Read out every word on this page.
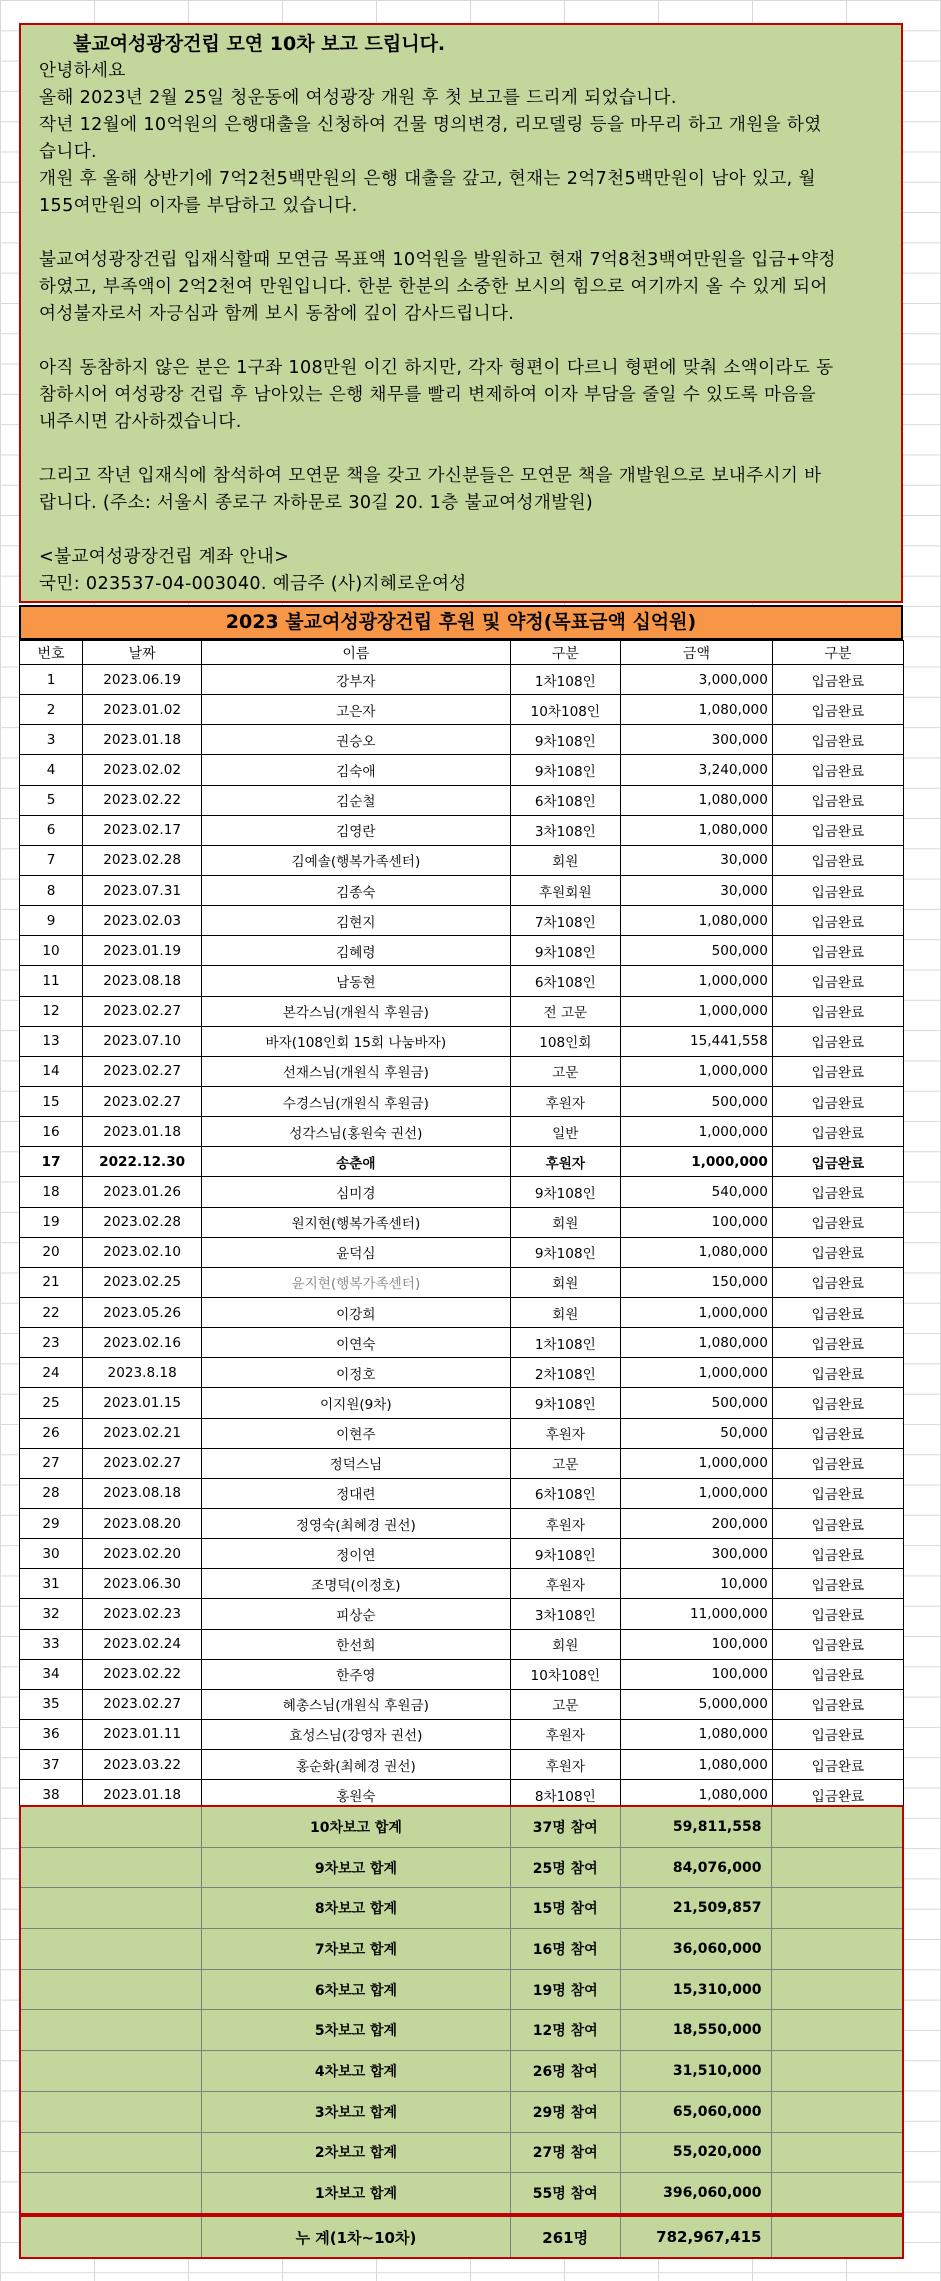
불교여성광장건립 모연 10차 보고 드립니다.
안녕하세요
올해 2023년 2월 25일 청운동에 여성광장 개원 후 첫 보고를 드리게 되었습니다.
작년 12월에 10억원의 은행대출을 신청하여 건물 명의변경, 리모델링 등을 마무리 하고 개원을 하였
습니다.
개원 후 올해 상반기에 7억2천5백만원의 은행 대출을 갚고, 현재는 2억7천5백만원이 남아 있고, 월
155여만원의 이자를 부담하고 있습니다.
불교여성광장건립 입재식할때 모연금 목표액 10억원을 발원하고 현재 7억8천3백여만원을 입금+약정
하였고, 부족액이 2억2천여 만원입니다. 한분 한분의 소중한 보시의 힘으로 여기까지 올 수 있게 되어
여성불자로서 자긍심과 함께 보시 동참에 깊이 감사드립니다.
아직 동참하지 않은 분은 1구좌 108만원 이긴 하지만, 각자 형편이 다르니 형편에 맞춰 소액이라도 동
참하시어 여성광장 건립 후 남아있는 은행 채무를 빨리 변제하여 이자 부담을 줄일 수 있도록 마음을
내주시면 감사하겠습니다.
그리고 작년 입재식에 참석하여 모연문 책을 갖고 가신분들은 모연문 책을 개발원으로 보내주시기 바
랍니다. (주소: 서울시 종로구 자하문로 30길 20. 1층 불교여성개발원)
<불교여성광장건립 계좌 안내>
국민: 023537-04-003040. 예금주 (사)지혜로운여성
2023 불교여성광장건립 후원 및 약정(목표금액 십억원)
번호	날짜	이름	구분	금액	구분
1	2023.06.19	강부자	1차108인	3,000,000	입금완료
2	2023.01.02	고은자	10차108인	1,080,000	입금완료
3	2023.01.18	권승오	9차108인	300,000	입금완료
4	2023.02.02	김숙애	9차108인	3,240,000	입금완료
5	2023.02.22	김순철	6차108인	1,080,000	입금완료
6	2023.02.17	김영란	3차108인	1,080,000	입금완료
7	2023.02.28	김예솔(행복가족센터)	회원	30,000	입금완료
8	2023.07.31	김종숙	후원회원	30,000	입금완료
9	2023.02.03	김현지	7차108인	1,080,000	입금완료
10	2023.01.19	김혜령	9차108인	500,000	입금완료
11	2023.08.18	남동현	6차108인	1,000,000	입금완료
12	2023.02.27	본각스님(개원식 후원금)	전 고문	1,000,000	입금완료
13	2023.07.10	바자(108인회 15회 나눔바자)	108인회	15,441,558	입금완료
14	2023.02.27	선재스님(개원식 후원금)	고문	1,000,000	입금완료
15	2023.02.27	수경스님(개원식 후원금)	후원자	500,000	입금완료
16	2023.01.18	성각스님(홍원숙 권선)	일반	1,000,000	입금완료
17	2022.12.30	송춘애	후원자	1,000,000	입금완료
18	2023.01.26	심미경	9차108인	540,000	입금완료
19	2023.02.28	원지현(행복가족센터)	회원	100,000	입금완료
20	2023.02.10	윤덕심	9차108인	1,080,000	입금완료
21	2023.02.25	윤지현(행복가족센터)	회원	150,000	입금완료
22	2023.05.26	이강희	회원	1,000,000	입금완료
23	2023.02.16	이연숙	1차108인	1,080,000	입금완료
24	2023.8.18	이정호	2차108인	1,000,000	입금완료
25	2023.01.15	이지원(9차)	9차108인	500,000	입금완료
26	2023.02.21	이현주	후원자	50,000	입금완료
27	2023.02.27	정덕스님	고문	1,000,000	입금완료
28	2023.08.18	정대련	6차108인	1,000,000	입금완료
29	2023.08.20	정영숙(최혜경 권선)	후원자	200,000	입금완료
30	2023.02.20	정이연	9차108인	300,000	입금완료
31	2023.06.30	조명덕(이정호)	후원자	10,000	입금완료
32	2023.02.23	피상순	3차108인	11,000,000	입금완료
33	2023.02.24	한선희	회원	100,000	입금완료
34	2023.02.22	한주영	10차108인	100,000	입금완료
35	2023.02.27	혜총스님(개원식 후원금)	고문	5,000,000	입금완료
36	2023.01.11	효성스님(강영자 권선)	후원자	1,080,000	입금완료
37	2023.03.22	홍순화(최혜경 권선)	후원자	1,080,000	입금완료
38	2023.01.18	홍원숙	8차108인	1,080,000	입금완료
	10차보고 합계	37명 참여	59,811,558	
	9차보고 합계	25명 참여	84,076,000	
	8차보고 합계	15명 참여	21,509,857	
	7차보고 합계	16명 참여	36,060,000	
	6차보고 합계	19명 참여	15,310,000	
	5차보고 합계	12명 참여	18,550,000	
	4차보고 합계	26명 참여	31,510,000	
	3차보고 합계	29명 참여	65,060,000	
	2차보고 합계	27명 참여	55,020,000	
	1차보고 합계	55명 참여	396,060,000	
	누 계(1차~10차)	261명	782,967,415	
